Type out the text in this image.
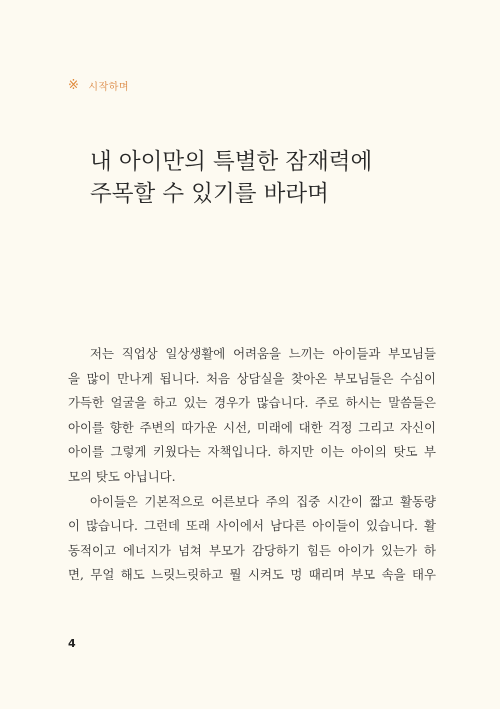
※ 시작하며
내 아이만의 특별한 잠재력에
주목할 수 있기를 바라며
저는 직업상 일상생활에 어려움을 느끼는 아이들과 부모님들
을 많이 만나게 됩니다. 처음 상담실을 찾아온 부모님들은 수심이
가득한 얼굴을 하고 있는 경우가 많습니다. 주로 하시는 말씀들은
아이를 향한 주변의 따가운 시선, 미래에 대한 걱정 그리고 자신이
아이를 그렇게 키웠다는 자책입니다. 하지만 이는 아이의 탓도 부
모의 탓도 아닙니다.
아이들은 기본적으로 어른보다 주의 집중 시간이 짧고 활동량
이 많습니다. 그런데 또래 사이에서 남다른 아이들이 있습니다. 활
동적이고 에너지가 넘쳐 부모가 감당하기 힘든 아이가 있는가 하
면, 무얼 해도 느릿느릿하고 뭘 시켜도 멍 때리며 부모 속을 태우
4
